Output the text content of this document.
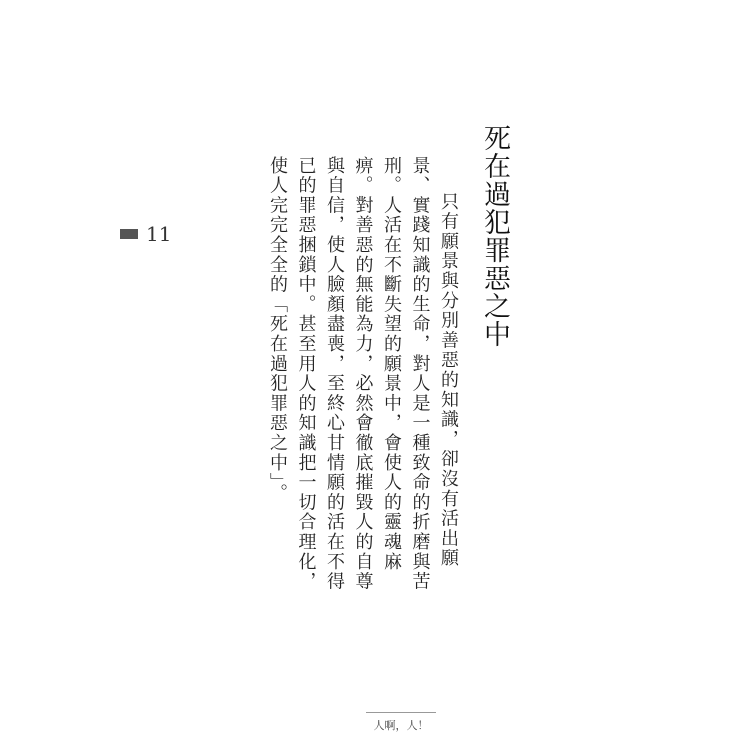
11	死在過犯罪惡之中

只有願景與分別善惡的知識，卻沒有活出願景、實踐知識的生命，對人是一種致命的折磨與苦刑。人活在不斷失望的願景中，會使人的靈魂麻痹。對善惡的無能為力，必然會徹底摧毀人的自尊與自信，使人臉顏盡喪，至終心甘情願的活在不得已的罪惡捆鎖中。甚至用人的知識把一切合理化，使人完完全全的「死在過犯罪惡之中」。

人啊，人！
